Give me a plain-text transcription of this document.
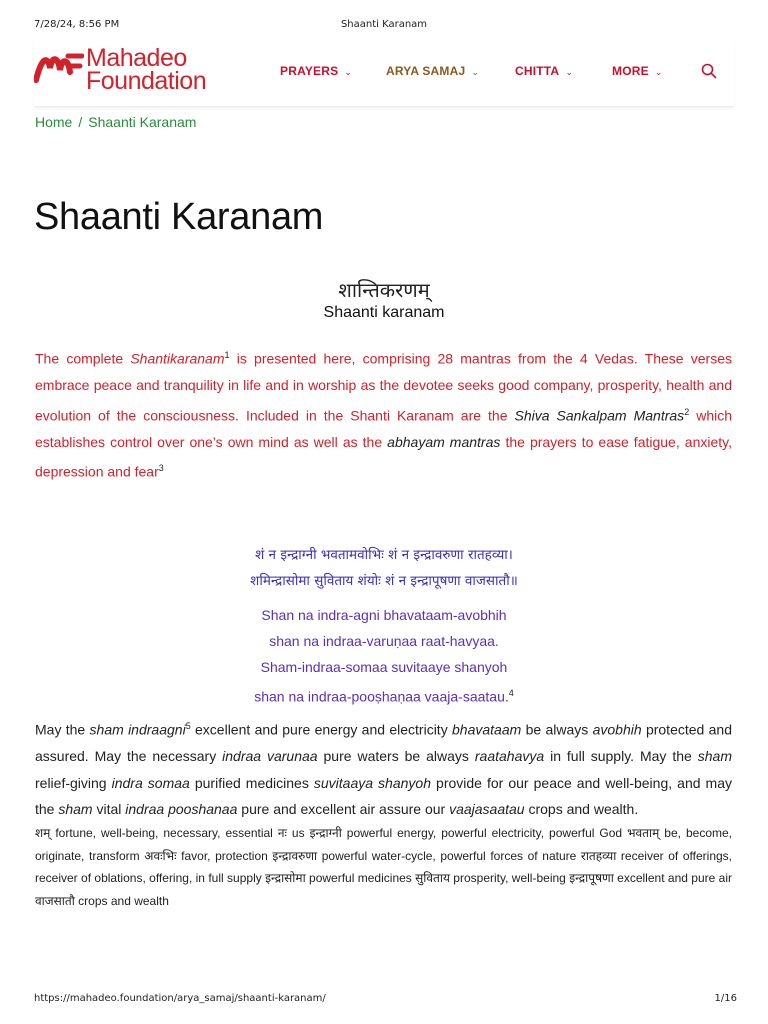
7/28/24, 8:56 PM	Shaanti Karanam
Mahadeo
Foundation	PRAYERS ⌄	ARYA SAMAJ ⌄	CHITTA ⌄	MORE ⌄
Home / Shaanti Karanam
Shaanti Karanam
शान्तिकरणम्
Shaanti karanam
The complete Shantikaranam$^1$ is presented here, comprising 28 mantras from the 4 Vedas. These verses embrace peace and tranquility in life and in worship as the devotee seeks good company, prosperity, health and evolution of the consciousness. Included in the Shanti Karanam are the Shiva Sankalpam Mantras$^2$ which establishes control over one’s own mind as well as the abhayam mantras the prayers to ease fatigue, anxiety, depression and fear$^3$
शं न इन्द्राग्नी भवतामवोभिः शं न इन्द्रावरुणा रातहव्या।
शमिन्द्रासोमा सुविताय शंयोः शं न इन्द्रापूषणा वाजसातौ॥
Shan na indra-agni bhavataam-avobhih
shan na indraa-varuṇaa raat-havyaa.
Sham-indraa-somaa suvitaaye shanyoh
shan na indraa-pooṣhaṇaa vaaja-saatau.$^4$
May the sham indraagni$^5$ excellent and pure energy and electricity bhavataam be always avobhih protected and assured. May the necessary indraa varunaa pure waters be always raatahavya in full supply. May the sham relief-giving indra somaa purified medicines suvitaaya shanyoh provide for our peace and well-being, and may the sham vital indraa pooshanaa pure and excellent air assure our vaajasaatau crops and wealth.
शम् fortune, well-being, necessary, essential नः us इन्द्राग्नी powerful energy, powerful electricity, powerful God भवताम् be, become, originate, transform अवःभिः favor, protection इन्द्रावरुणा powerful water-cycle, powerful forces of nature रातहव्या receiver of offerings, receiver of oblations, offering, in full supply इन्द्रासोमा powerful medicines सुविताय prosperity, well-being इन्द्रापूषणा excellent and pure air वाजसातौ crops and wealth
https://mahadeo.foundation/arya_samaj/shaanti-karanam/	1/16
